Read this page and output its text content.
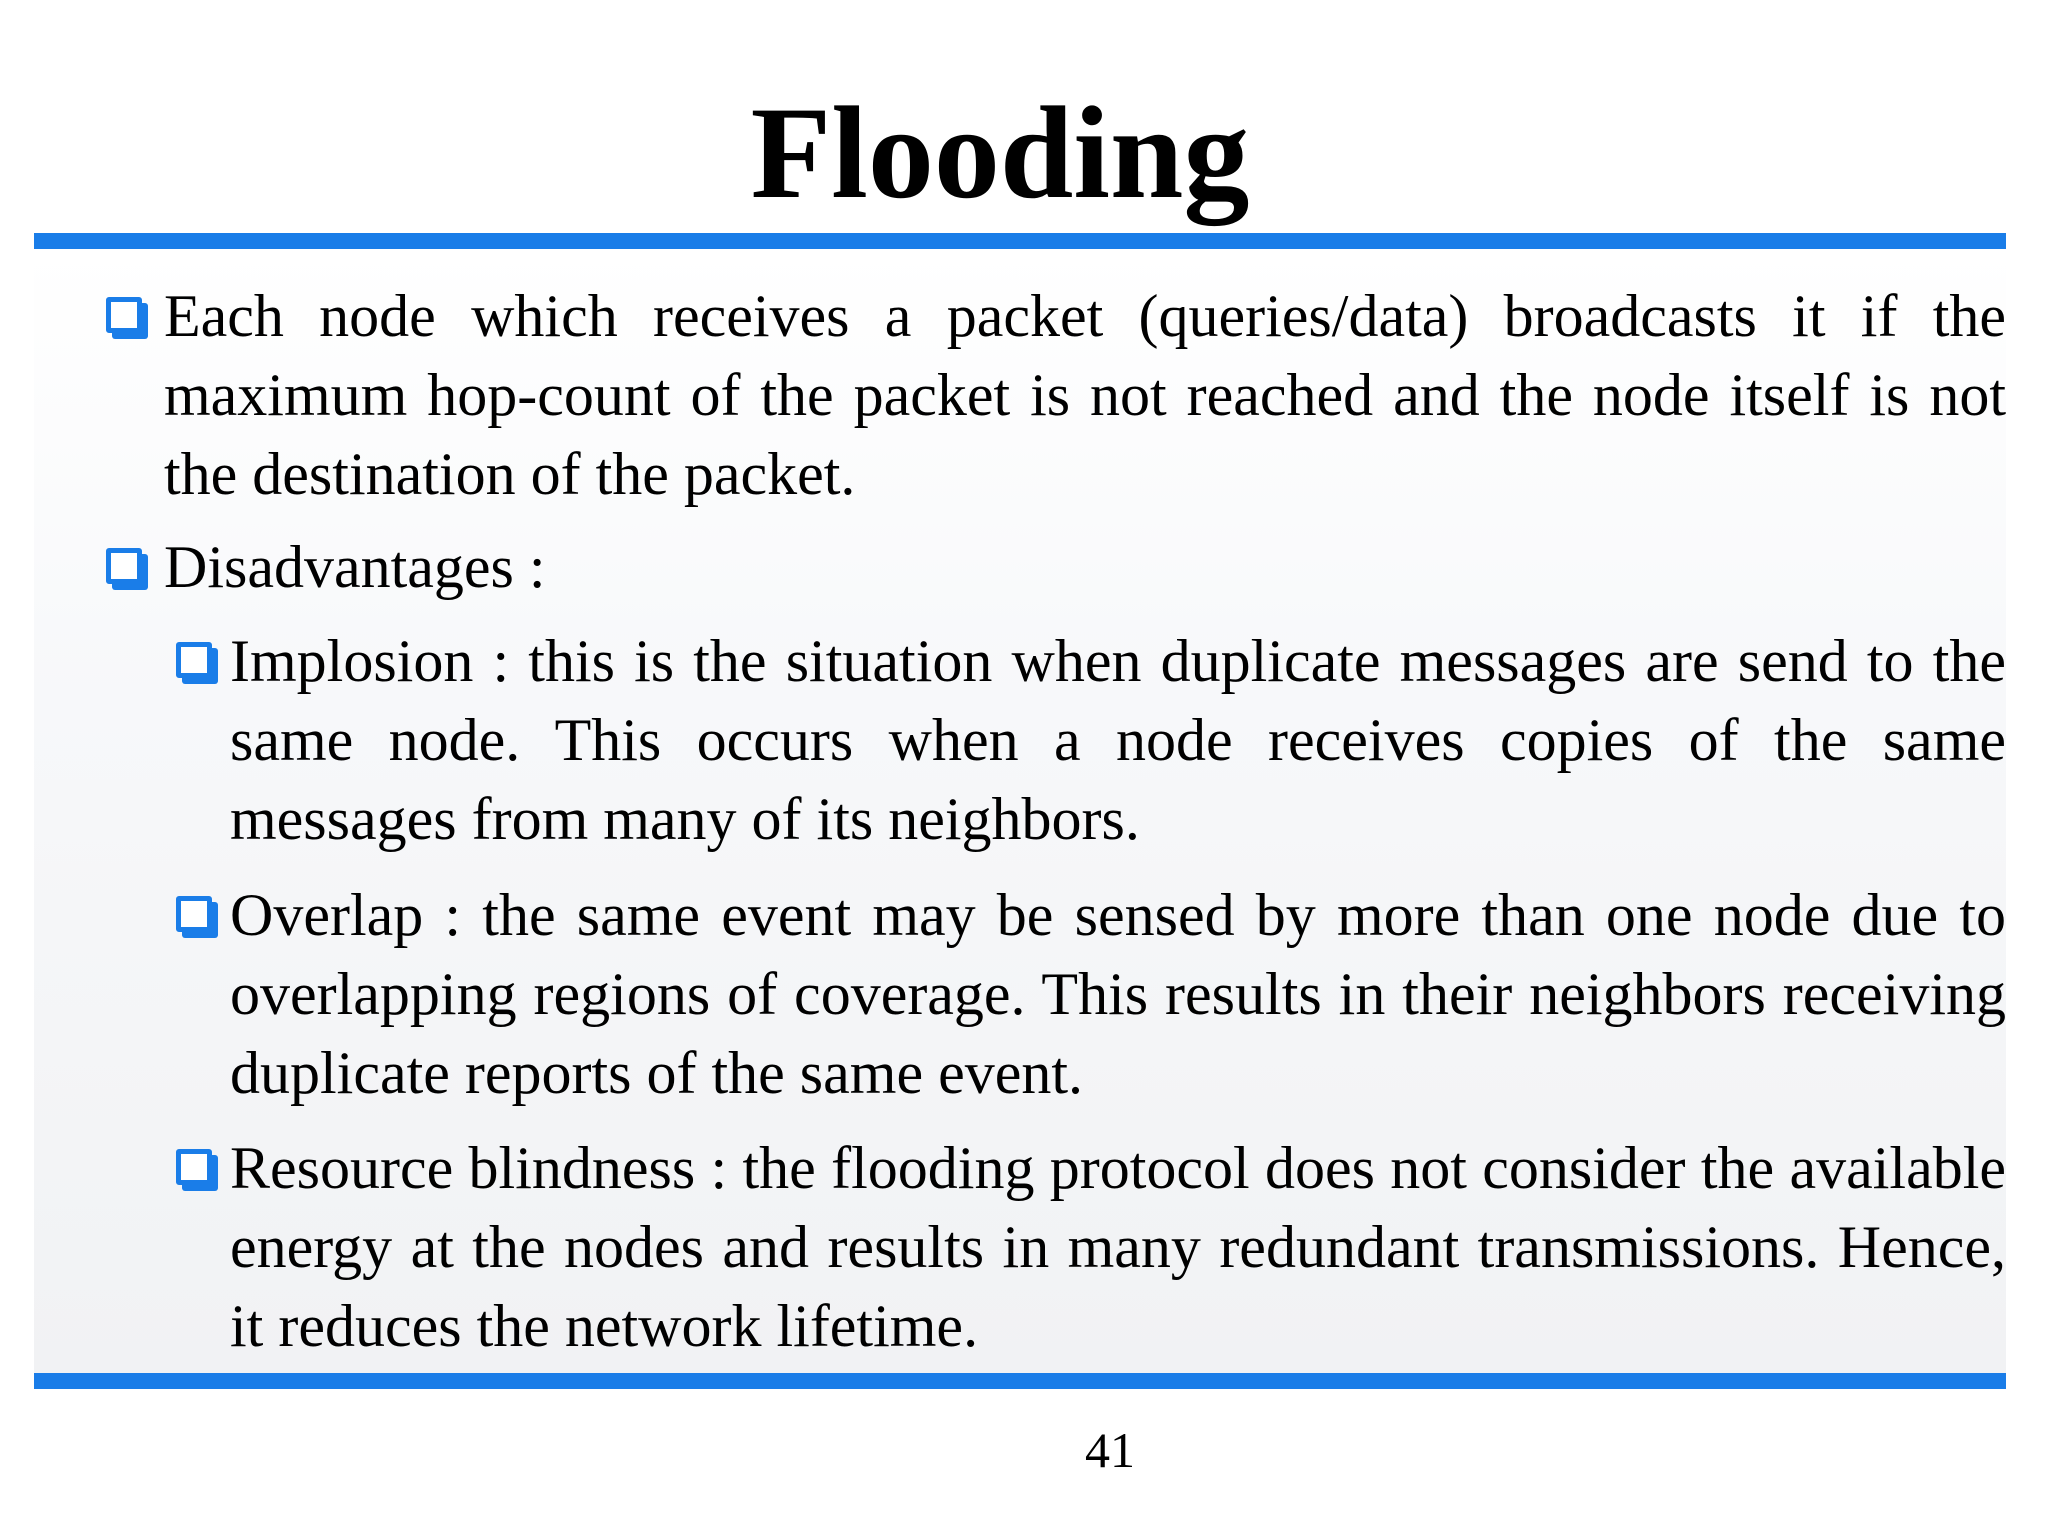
Flooding
Each node which receives a packet (queries/data) broadcasts it if the maximum hop-count of the packet is not reached and the node itself is not the destination of the packet.
Disadvantages :
Implosion : this is the situation when duplicate messages are send to the same node. This occurs when a node receives copies of the same messages from many of its neighbors.
Overlap : the same event may be sensed by more than one node due to overlapping regions of coverage. This results in their neighbors receiving duplicate reports of the same event.
Resource blindness : the flooding protocol does not consider the available energy at the nodes and results in many redundant transmissions. Hence, it reduces the network lifetime.
41
